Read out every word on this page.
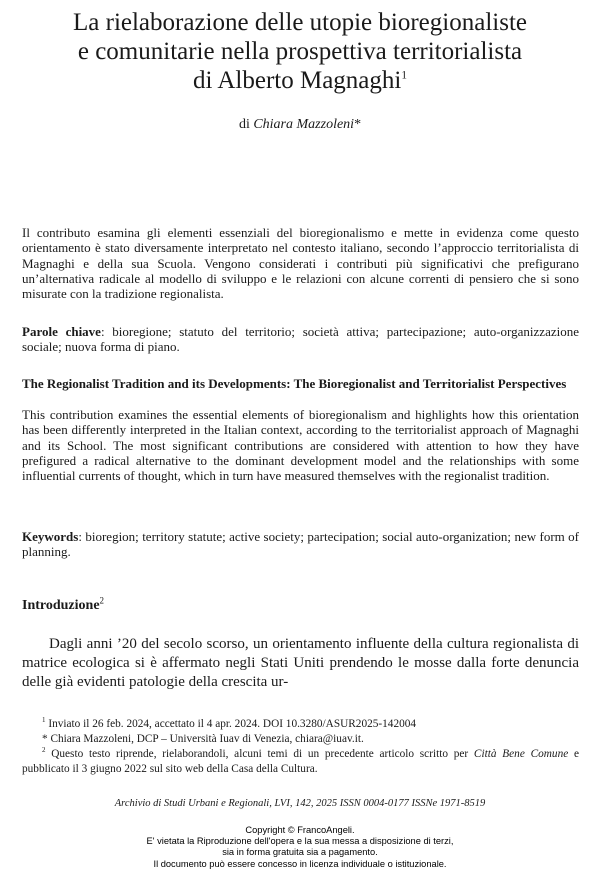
La rielaborazione delle utopie bioregionaliste
e comunitarie nella prospettiva territorialista
di Alberto Magnaghi$^1$
di Chiara Mazzoleni*

Il contributo esamina gli elementi essenziali del bioregionalismo e mette in evidenza come questo orientamento è stato diversamente interpretato nel contesto italiano, secondo l’approccio territorialista di Magnaghi e della sua Scuola. Vengono considerati i contributi più significativi che prefigurano un’alternativa radicale al modello di sviluppo e le relazioni con alcune correnti di pensiero che si sono misurate con la tradizione regionalista.

Parole chiave: bioregione; statuto del territorio; società attiva; partecipazione; auto-organizzazione sociale; nuova forma di piano.

The Regionalist Tradition and its Developments: The Bioregionalist and Territorialist Perspectives

This contribution examines the essential elements of bioregionalism and highlights how this orientation has been differently interpreted in the Italian context, according to the territorialist approach of Magnaghi and its School. The most significant contributions are considered with attention to how they have prefigured a radical alternative to the dominant development model and the relationships with some influential currents of thought, which in turn have measured themselves with the regionalist tradition.

Keywords: bioregion; territory statute; active society; partecipation; social auto-organization; new form of planning.

Introduzione$^2$

Dagli anni ’20 del secolo scorso, un orientamento influente della cultura regionalista di matrice ecologica si è affermato negli Stati Uniti prendendo le mosse dalla forte denuncia delle già evidenti patologie della crescita ur-

$^1$ Inviato il 26 feb. 2024, accettato il 4 apr. 2024. DOI 10.3280/ASUR2025-142004

* Chiara Mazzoleni, DCP – Università Iuav di Venezia, chiara@iuav.it.

$^2$ Questo testo riprende, rielaborandoli, alcuni temi di un precedente articolo scritto per Città Bene Comune e pubblicato il 3 giugno 2022 sul sito web della Casa della Cultura.

Archivio di Studi Urbani e Regionali, LVI, 142, 2025 ISSN 0004-0177 ISSNe 1971-8519
Copyright © FrancoAngeli.
E' vietata la Riproduzione dell'opera e la sua messa a disposizione di terzi,
sia in forma gratuita sia a pagamento.
Il documento può essere concesso in licenza individuale o istituzionale.
